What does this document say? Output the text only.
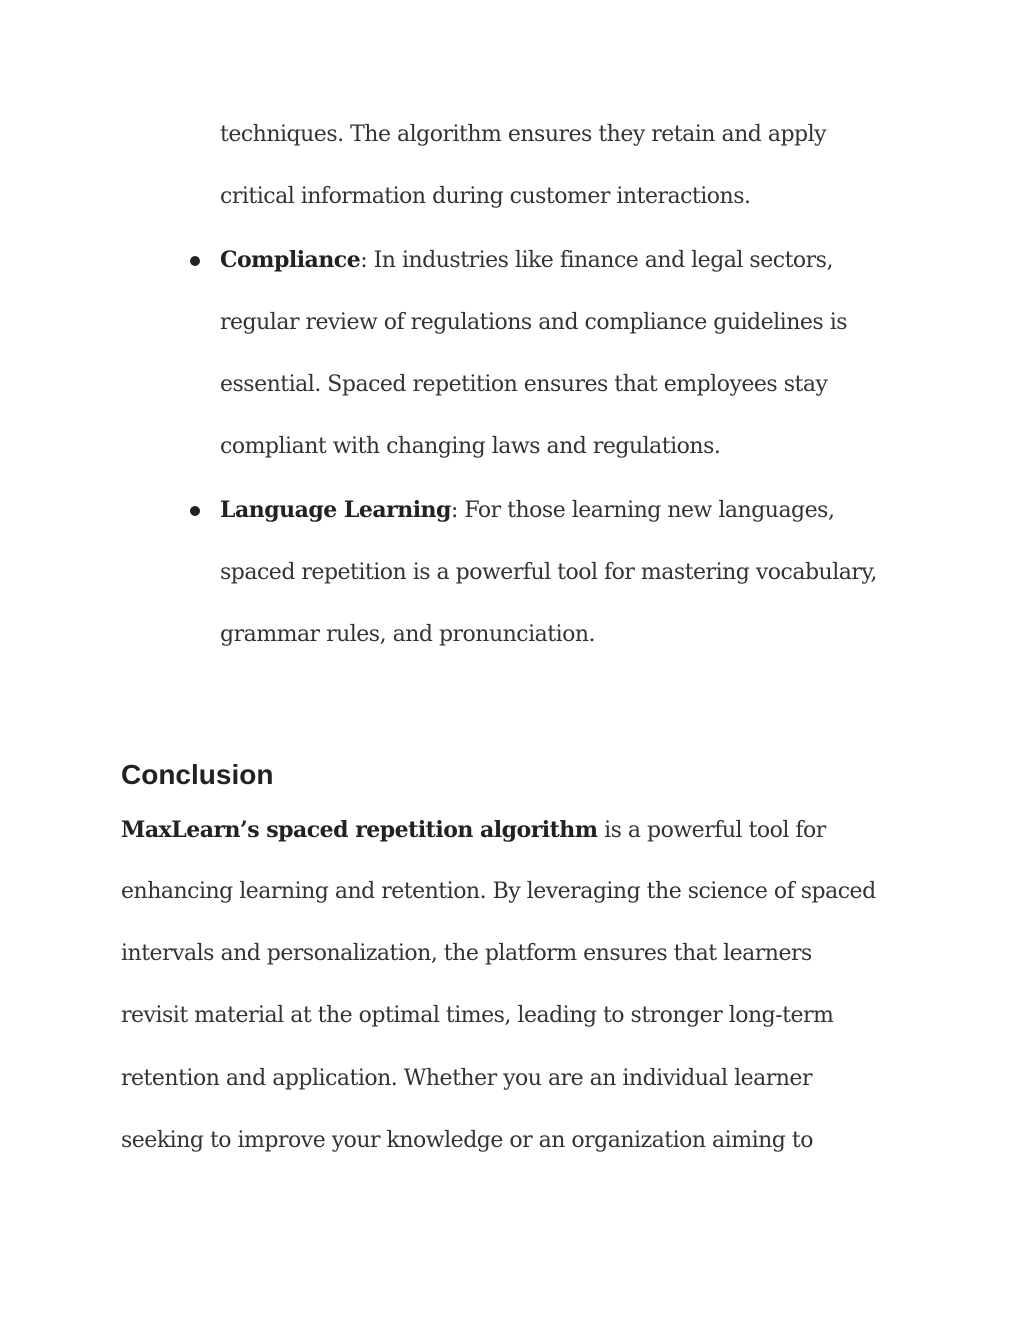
techniques. The algorithm ensures they retain and apply
critical information during customer interactions.
Compliance: In industries like finance and legal sectors,
regular review of regulations and compliance guidelines is
essential. Spaced repetition ensures that employees stay
compliant with changing laws and regulations.
Language Learning: For those learning new languages,
spaced repetition is a powerful tool for mastering vocabulary,
grammar rules, and pronunciation.
Conclusion
MaxLearn’s spaced repetition algorithm is a powerful tool for
enhancing learning and retention. By leveraging the science of spaced
intervals and personalization, the platform ensures that learners
revisit material at the optimal times, leading to stronger long-term
retention and application. Whether you are an individual learner
seeking to improve your knowledge or an organization aiming to
